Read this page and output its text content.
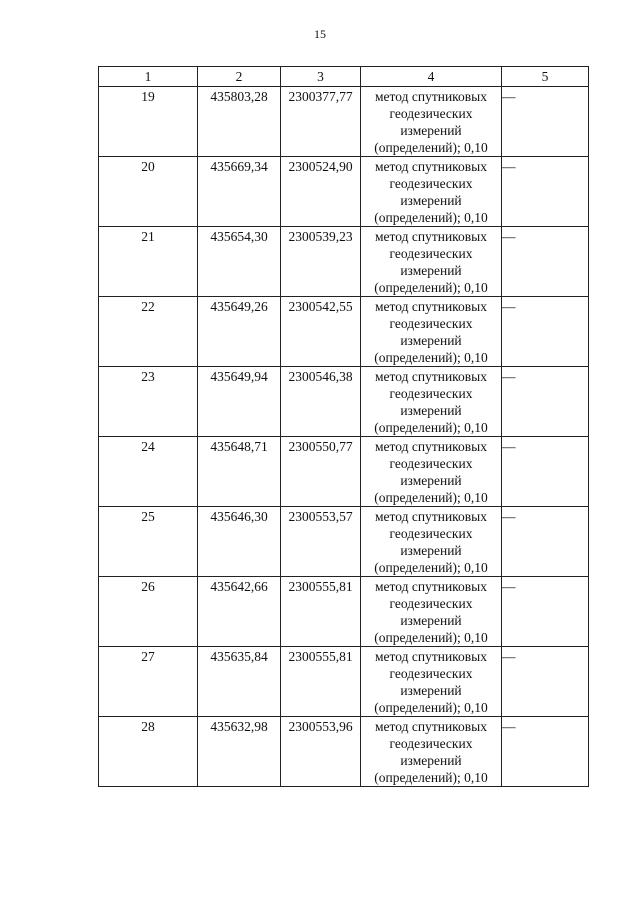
15
1	2	3	4	5

19	435803,28	2300377,77	метод спутниковых
геодезических
измерений
(определений); 0,10	—

20	435669,34	2300524,90	метод спутниковых
геодезических
измерений
(определений); 0,10	—

21	435654,30	2300539,23	метод спутниковых
геодезических
измерений
(определений); 0,10	—

22	435649,26	2300542,55	метод спутниковых
геодезических
измерений
(определений); 0,10	—

23	435649,94	2300546,38	метод спутниковых
геодезических
измерений
(определений); 0,10	—

24	435648,71	2300550,77	метод спутниковых
геодезических
измерений
(определений); 0,10	—

25	435646,30	2300553,57	метод спутниковых
геодезических
измерений
(определений); 0,10	—

26	435642,66	2300555,81	метод спутниковых
геодезических
измерений
(определений); 0,10	—

27	435635,84	2300555,81	метод спутниковых
геодезических
измерений
(определений); 0,10	—

28	435632,98	2300553,96	метод спутниковых
геодезических
измерений
(определений); 0,10	—
